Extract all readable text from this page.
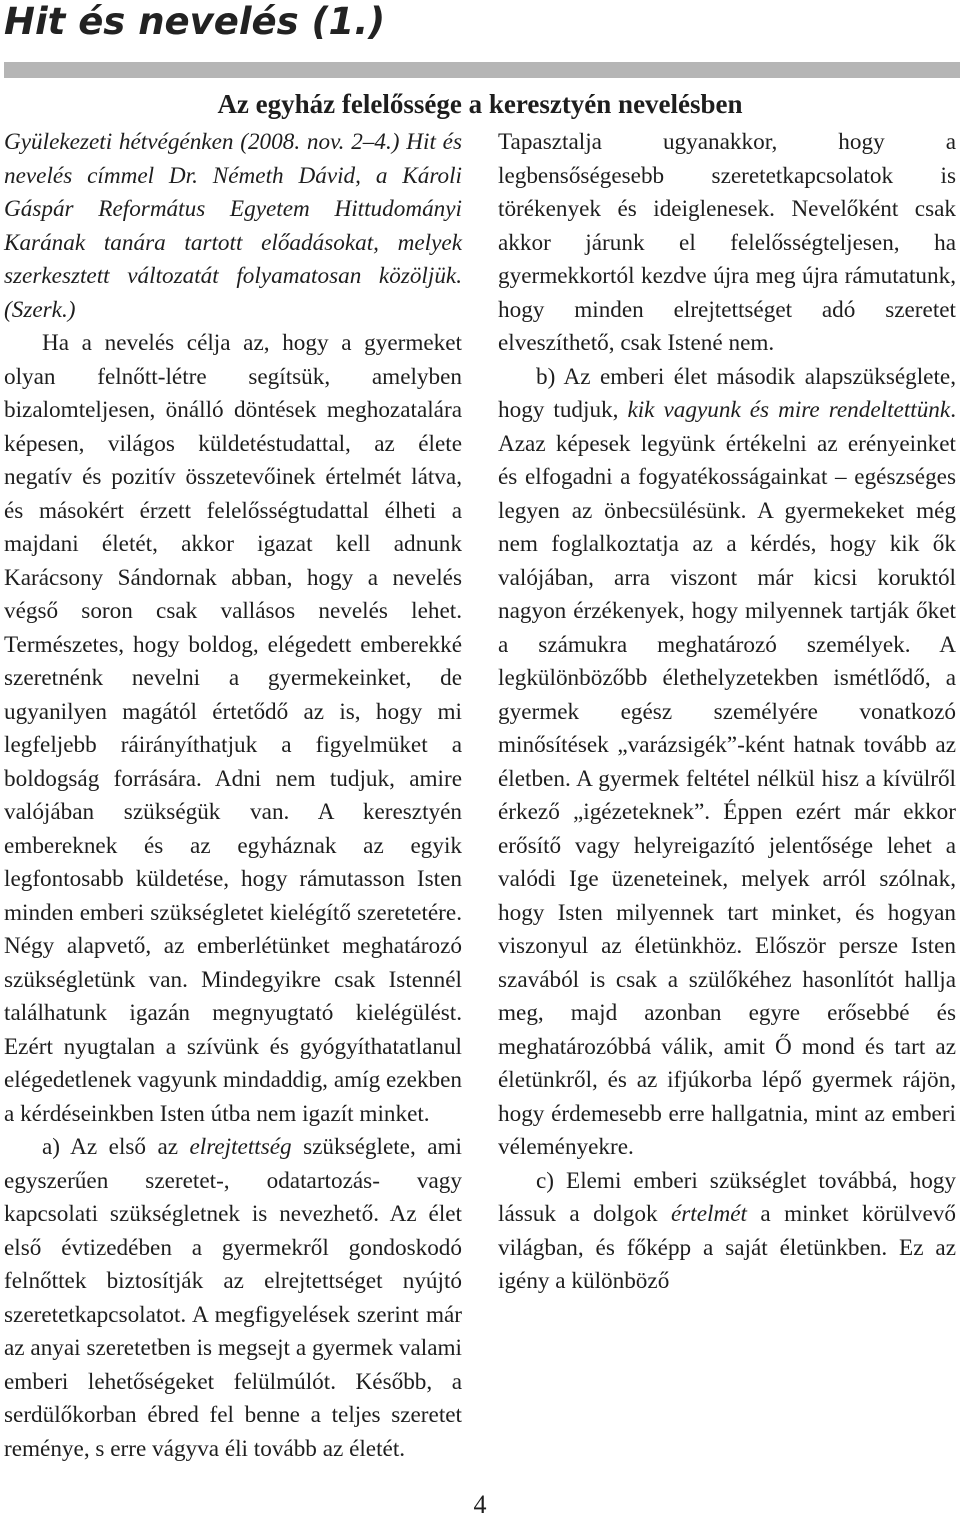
Hit és nevelés (1.)
Az egyház felelőssége a keresztyén nevelésben

Gyülekezeti hétvégénken (2008. nov. 2–4.) Hit és nevelés címmel Dr. Németh Dávid, a Károli Gáspár Református Egyetem Hittudományi Karának tanára tartott előadásokat, melyek szerkesztett változatát folyamatosan közöljük. (Szerk.)

Ha a nevelés célja az, hogy a gyermeket olyan felnőtt-létre segítsük, amelyben bizalomteljesen, önálló döntések meghozatalára képesen, világos küldetéstudattal, az élete negatív és pozitív összetevőinek értelmét látva, és másokért érzett felelősségtudattal élheti a majdani életét, akkor igazat kell adnunk Karácsony Sándornak abban, hogy a nevelés végső soron csak vallásos nevelés lehet. Természetes, hogy boldog, elégedett emberekké szeretnénk nevelni a gyermekeinket, de ugyanilyen magától értetődő az is, hogy mi legfeljebb ráirányíthatjuk a figyelmüket a boldogság forrására. Adni nem tudjuk, amire valójában szükségük van. A keresztyén embereknek és az egyháznak az egyik legfontosabb küldetése, hogy rámutasson Isten minden emberi szükségletet kielégítő szeretetére. Négy alapvető, az emberlétünket meghatározó szükségletünk van. Mindegyikre csak Istennél találhatunk igazán megnyugtató kielégülést. Ezért nyugtalan a szívünk és gyógyíthatatlanul elégedetlenek vagyunk mindaddig, amíg ezekben a kérdéseinkben Isten útba nem igazít minket.

a) Az első az elrejtettség szükséglete, ami egyszerűen szeretet-, odatartozás- vagy kapcsolati szükségletnek is nevezhető. Az élet első évtizedében a gyermekről gondoskodó felnőttek biztosítják az elrejtettséget nyújtó szeretetkapcsolatot. A megfigyelések szerint már az anyai szeretetben is megsejt a gyermek valami emberi lehetőségeket felülmúlót. Később, a serdülőkorban ébred fel benne a teljes szeretet reménye, s erre vágyva éli tovább az életét.

Tapasztalja ugyanakkor, hogy a legbensőségesebb szeretetkapcsolatok is törékenyek és ideiglenesek. Nevelőként csak akkor járunk el felelősségteljesen, ha gyermekkortól kezdve újra meg újra rámutatunk, hogy minden elrejtettséget adó szeretet elveszíthető, csak Istené nem.

b) Az emberi élet második alapszükséglete, hogy tudjuk, kik vagyunk és mire rendeltettünk. Azaz képesek legyünk értékelni az erényeinket és elfogadni a fogyatékosságainkat – egészséges legyen az önbecsülésünk. A gyermekeket még nem foglalkoztatja az a kérdés, hogy kik ők valójában, arra viszont már kicsi koruktól nagyon érzékenyek, hogy milyennek tartják őket a számukra meghatározó személyek. A legkülönbözőbb élethelyzetekben ismétlődő, a gyermek egész személyére vonatkozó minősítések „varázsigék”-ként hatnak tovább az életben. A gyermek feltétel nélkül hisz a kívülről érkező „igézeteknek”. Éppen ezért már ekkor erősítő vagy helyreigazító jelentősége lehet a valódi Ige üzeneteinek, melyek arról szólnak, hogy Isten milyennek tart minket, és hogyan viszonyul az életünkhöz. Először persze Isten szavából is csak a szülőkéhez hasonlítót hallja meg, majd azonban egyre erősebbé és meghatározóbbá válik, amit Ő mond és tart az életünkről, és az ifjúkorba lépő gyermek rájön, hogy érdemesebb erre hallgatnia, mint az emberi véleményekre.

c) Elemi emberi szükséglet továbbá, hogy lássuk a dolgok értelmét a minket körülvevő világban, és főképp a saját életünkben. Ez az igény a különböző

4
